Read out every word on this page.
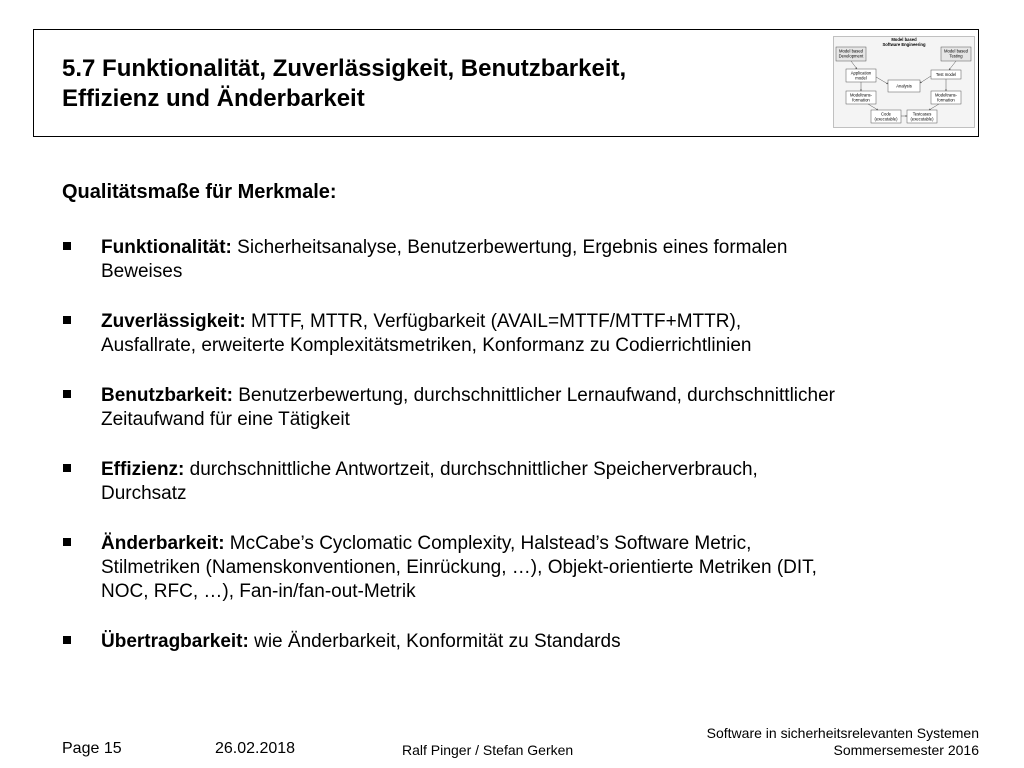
5.7 Funktionalität, Zuverlässigkeit, Benutzbarkeit,
Effizienz und Änderbarkeit
Model based
Software Engineering
Model based
Development
Model based
Testing
Application
model
Test model
Analysis
Modeltrans-
formation
Modeltrans-
formation
Code
(executable)
Testcases
(executable)
Qualitätsmaße für Merkmale:
Funktionalität: Sicherheitsanalyse, Benutzerbewertung, Ergebnis eines formalen
Beweises
Zuverlässigkeit: MTTF, MTTR, Verfügbarkeit (AVAIL=MTTF/MTTF+MTTR),
Ausfallrate, erweiterte Komplexitätsmetriken, Konformanz zu Codierrichtlinien
Benutzbarkeit: Benutzerbewertung, durchschnittlicher Lernaufwand, durchschnittlicher
Zeitaufwand für eine Tätigkeit
Effizienz: durchschnittliche Antwortzeit, durchschnittlicher Speicherverbrauch,
Durchsatz
Änderbarkeit: McCabe’s Cyclomatic Complexity, Halstead’s Software Metric,
Stilmetriken (Namenskonventionen, Einrückung, …), Objekt-orientierte Metriken (DIT,
NOC, RFC, …), Fan-in/fan-out-Metrik
Übertragbarkeit: wie Änderbarkeit, Konformität zu Standards
Page 15	26.02.2018	Ralf Pinger / Stefan Gerken
Software in sicherheitsrelevanten Systemen
Sommersemester 2016
